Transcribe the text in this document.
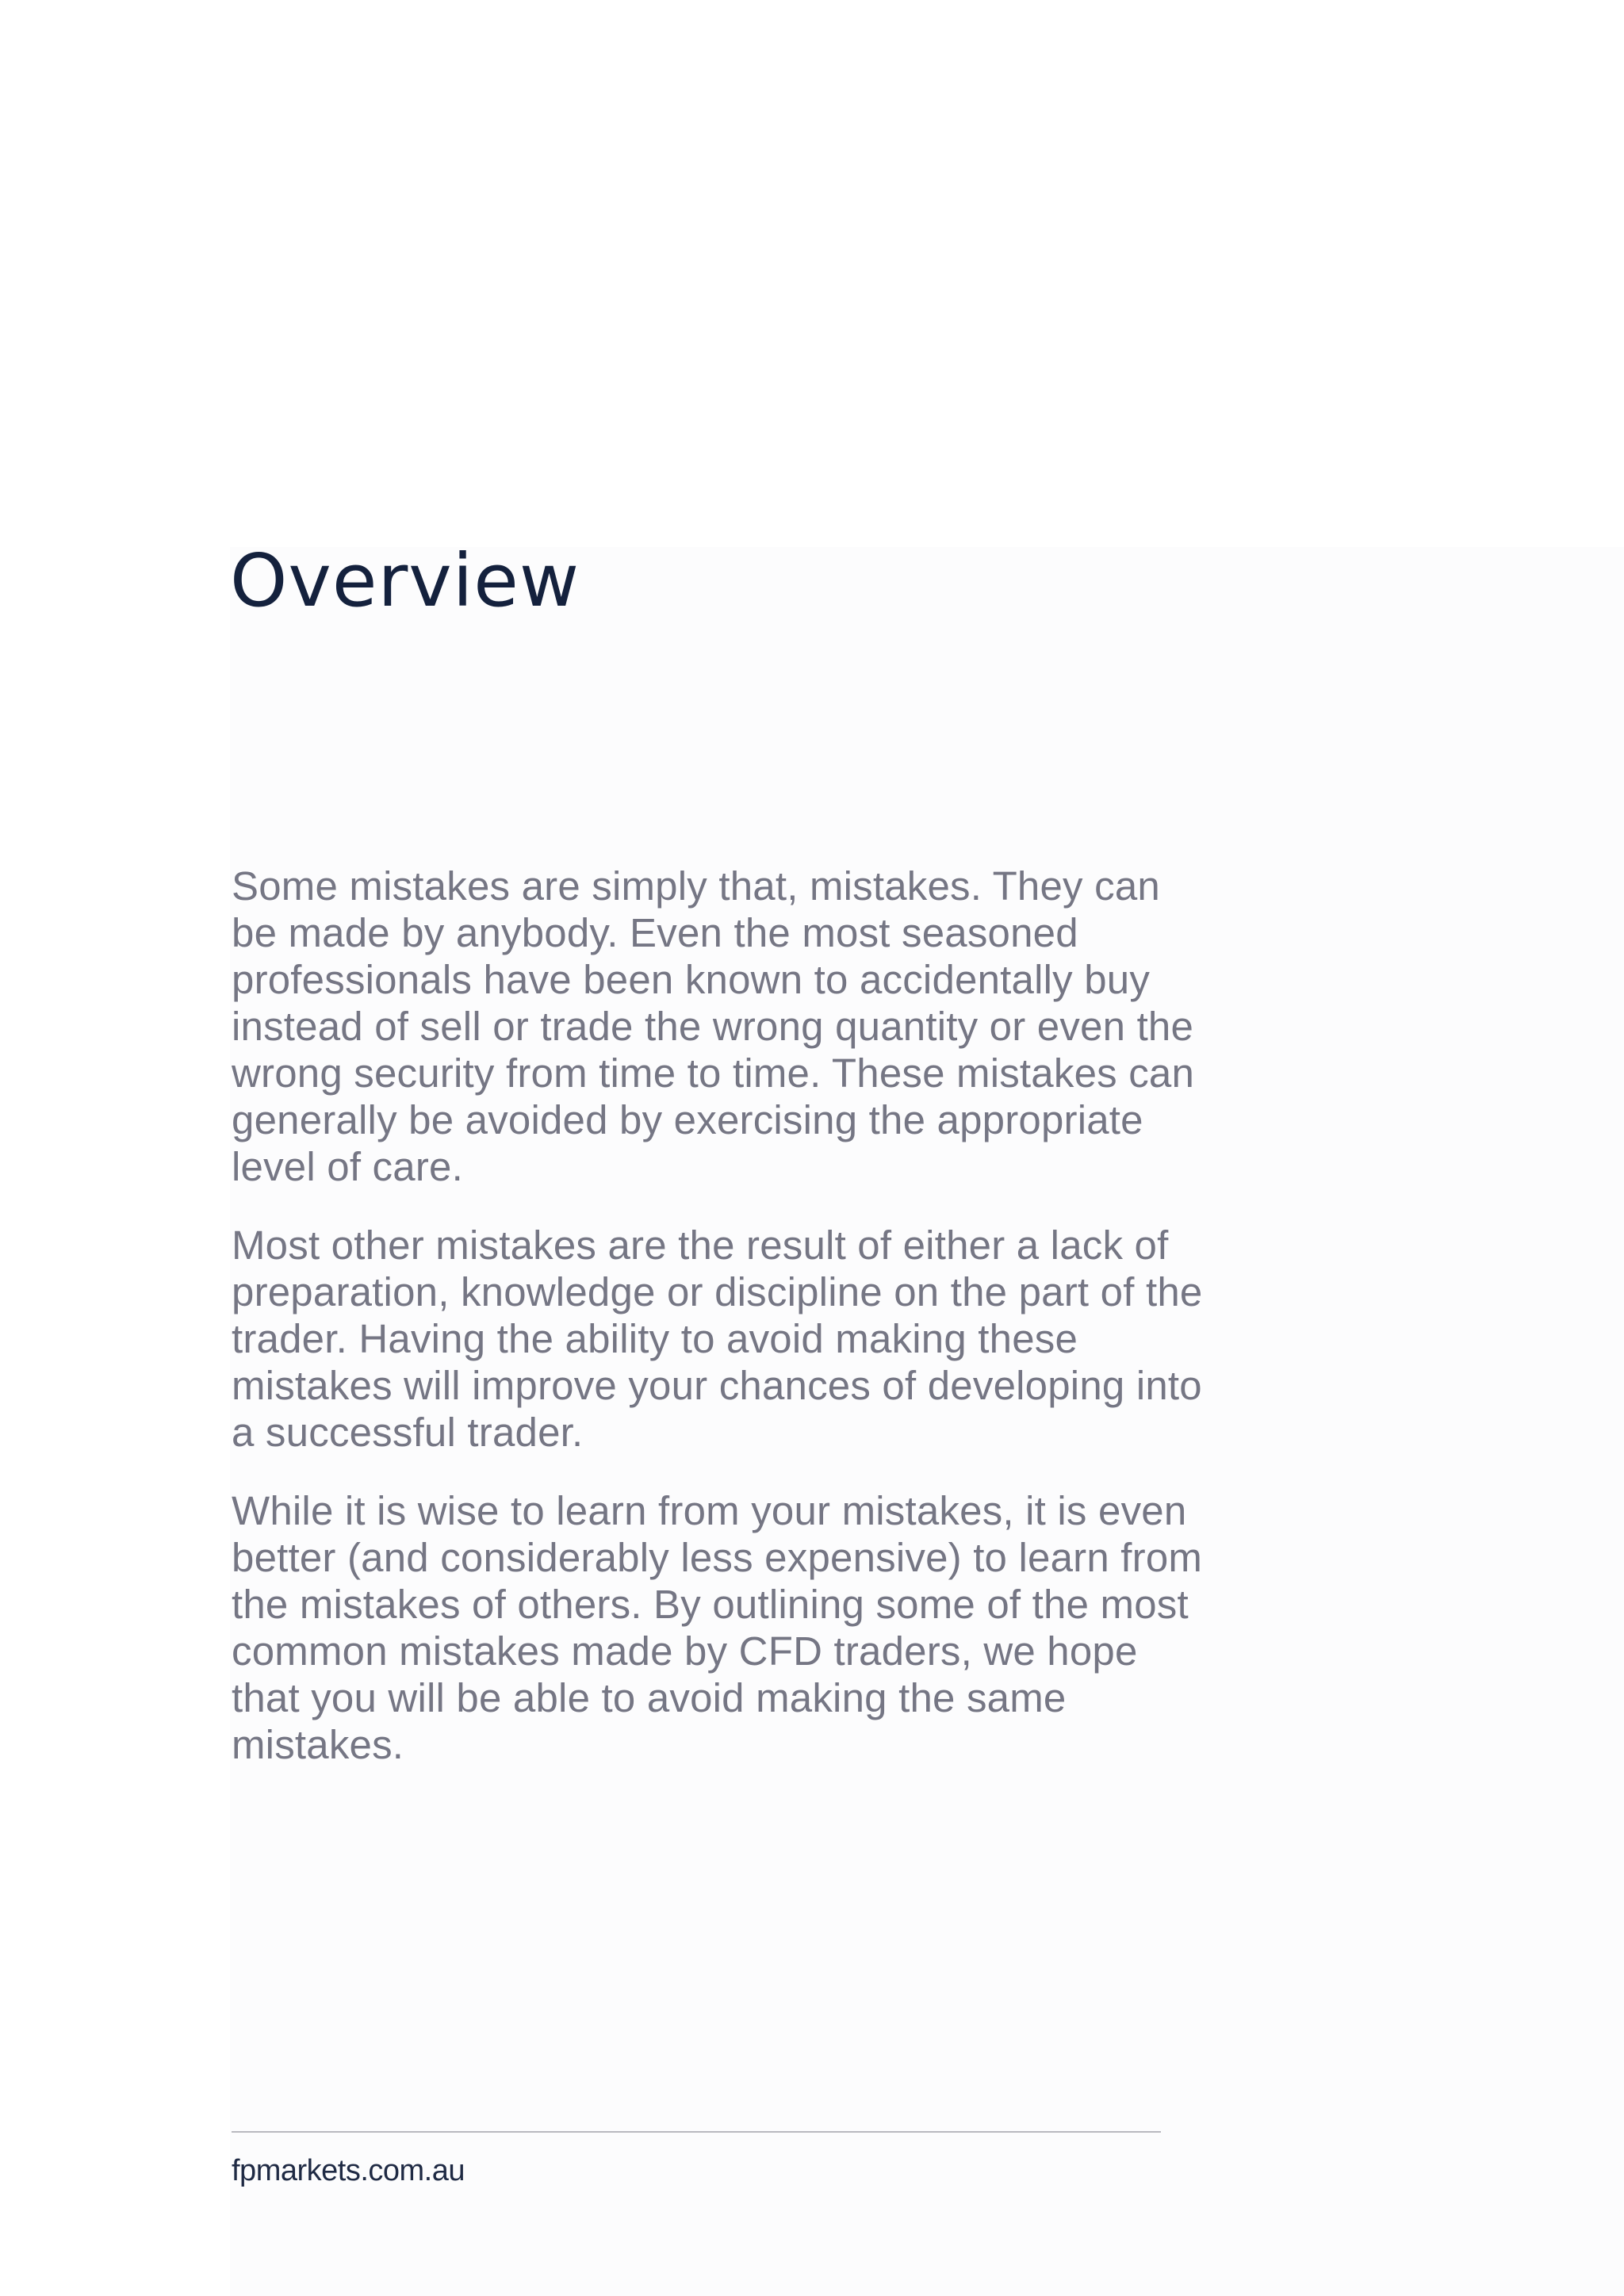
Overview

Some mistakes are simply that, mistakes. They can be made by anybody. Even the most seasoned professionals have been known to accidentally buy instead of sell or trade the wrong quantity or even the wrong security from time to time. These mistakes can generally be avoided by exercising the appropriate level of care.

Most other mistakes are the result of either a lack of preparation, knowledge or discipline on the part of the trader. Having the ability to avoid making these mistakes will improve your chances of developing into a successful trader.

While it is wise to learn from your mistakes, it is even better (and considerably less expensive) to learn from the mistakes of others. By outlining some of the most common mistakes made by CFD traders, we hope that you will be able to avoid making the same mistakes.

fpmarkets.com.au
